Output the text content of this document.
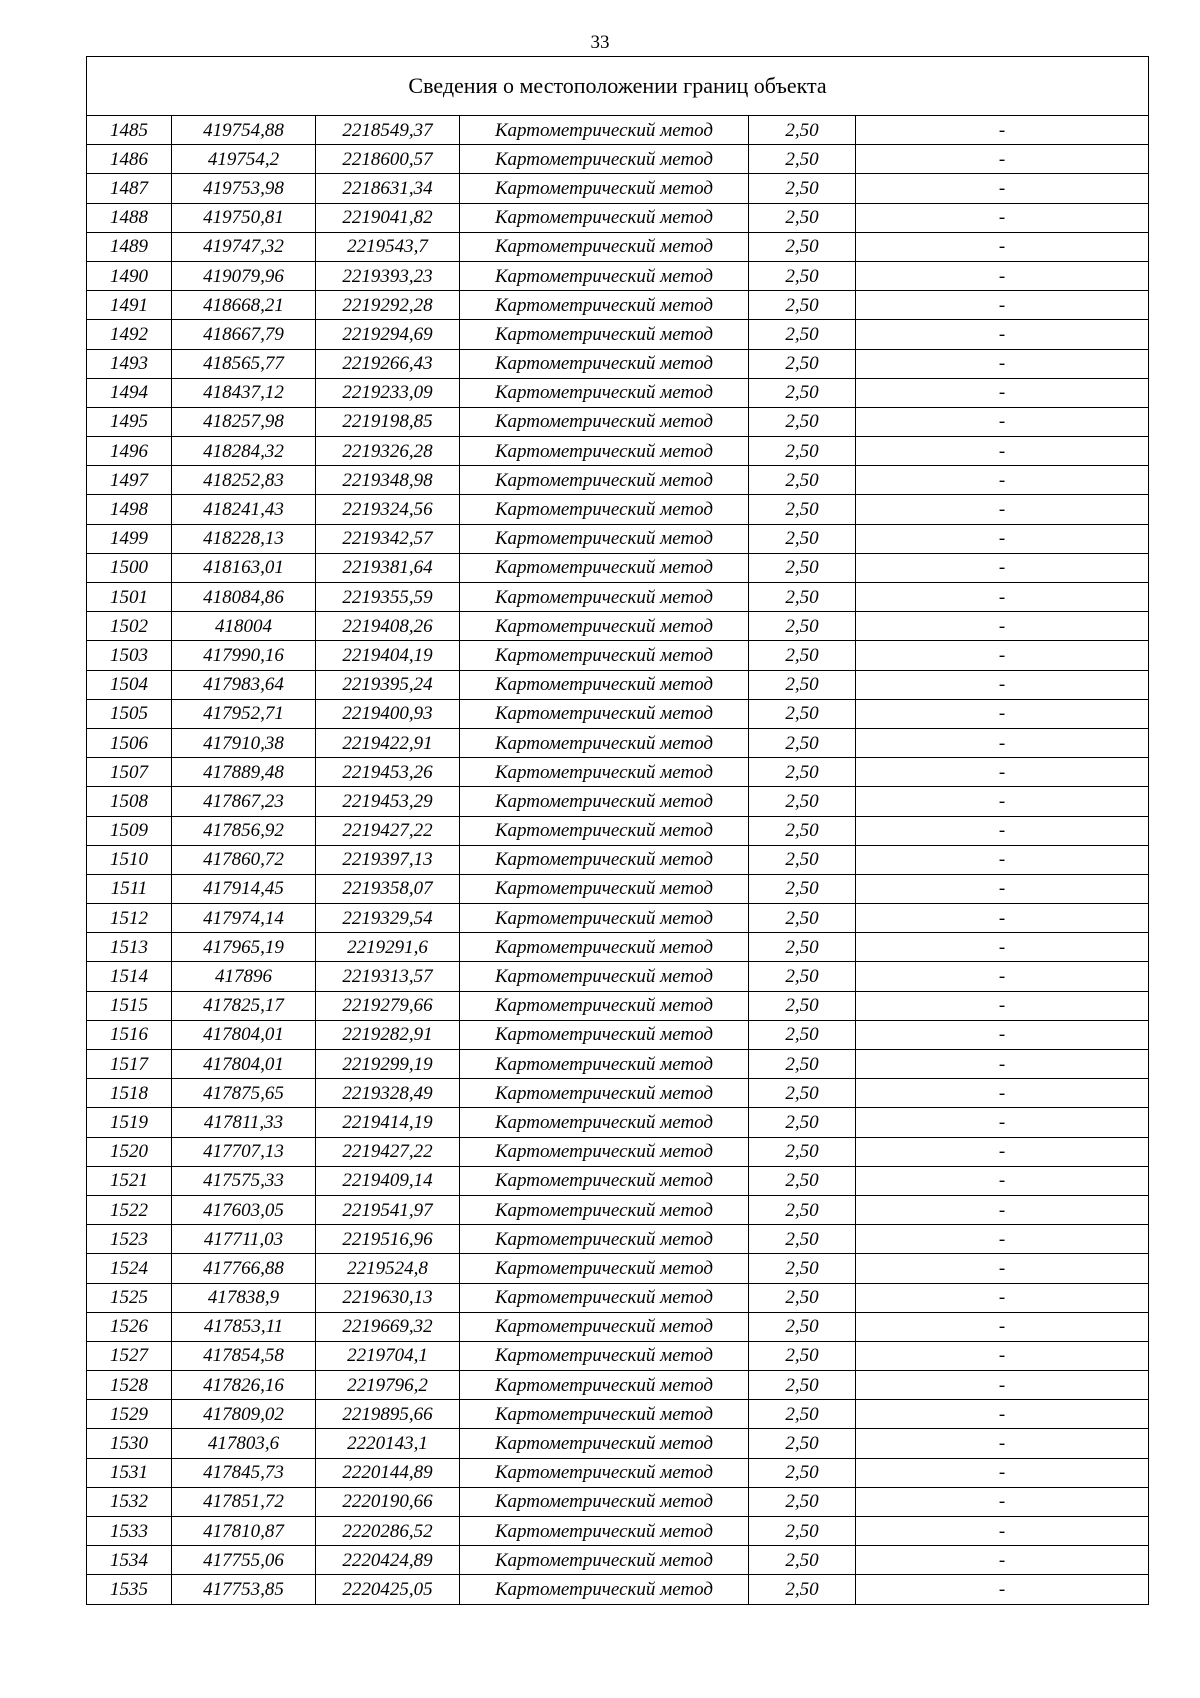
33
Сведения о местоположении границ объекта					
1485	419754,88	2218549,37	Картометрический метод	2,50	-
1486	419754,2	2218600,57	Картометрический метод	2,50	-
1487	419753,98	2218631,34	Картометрический метод	2,50	-
1488	419750,81	2219041,82	Картометрический метод	2,50	-
1489	419747,32	2219543,7	Картометрический метод	2,50	-
1490	419079,96	2219393,23	Картометрический метод	2,50	-
1491	418668,21	2219292,28	Картометрический метод	2,50	-
1492	418667,79	2219294,69	Картометрический метод	2,50	-
1493	418565,77	2219266,43	Картометрический метод	2,50	-
1494	418437,12	2219233,09	Картометрический метод	2,50	-
1495	418257,98	2219198,85	Картометрический метод	2,50	-
1496	418284,32	2219326,28	Картометрический метод	2,50	-
1497	418252,83	2219348,98	Картометрический метод	2,50	-
1498	418241,43	2219324,56	Картометрический метод	2,50	-
1499	418228,13	2219342,57	Картометрический метод	2,50	-
1500	418163,01	2219381,64	Картометрический метод	2,50	-
1501	418084,86	2219355,59	Картометрический метод	2,50	-
1502	418004	2219408,26	Картометрический метод	2,50	-
1503	417990,16	2219404,19	Картометрический метод	2,50	-
1504	417983,64	2219395,24	Картометрический метод	2,50	-
1505	417952,71	2219400,93	Картометрический метод	2,50	-
1506	417910,38	2219422,91	Картометрический метод	2,50	-
1507	417889,48	2219453,26	Картометрический метод	2,50	-
1508	417867,23	2219453,29	Картометрический метод	2,50	-
1509	417856,92	2219427,22	Картометрический метод	2,50	-
1510	417860,72	2219397,13	Картометрический метод	2,50	-
1511	417914,45	2219358,07	Картометрический метод	2,50	-
1512	417974,14	2219329,54	Картометрический метод	2,50	-
1513	417965,19	2219291,6	Картометрический метод	2,50	-
1514	417896	2219313,57	Картометрический метод	2,50	-
1515	417825,17	2219279,66	Картометрический метод	2,50	-
1516	417804,01	2219282,91	Картометрический метод	2,50	-
1517	417804,01	2219299,19	Картометрический метод	2,50	-
1518	417875,65	2219328,49	Картометрический метод	2,50	-
1519	417811,33	2219414,19	Картометрический метод	2,50	-
1520	417707,13	2219427,22	Картометрический метод	2,50	-
1521	417575,33	2219409,14	Картометрический метод	2,50	-
1522	417603,05	2219541,97	Картометрический метод	2,50	-
1523	417711,03	2219516,96	Картометрический метод	2,50	-
1524	417766,88	2219524,8	Картометрический метод	2,50	-
1525	417838,9	2219630,13	Картометрический метод	2,50	-
1526	417853,11	2219669,32	Картометрический метод	2,50	-
1527	417854,58	2219704,1	Картометрический метод	2,50	-
1528	417826,16	2219796,2	Картометрический метод	2,50	-
1529	417809,02	2219895,66	Картометрический метод	2,50	-
1530	417803,6	2220143,1	Картометрический метод	2,50	-
1531	417845,73	2220144,89	Картометрический метод	2,50	-
1532	417851,72	2220190,66	Картометрический метод	2,50	-
1533	417810,87	2220286,52	Картометрический метод	2,50	-
1534	417755,06	2220424,89	Картометрический метод	2,50	-
1535	417753,85	2220425,05	Картометрический метод	2,50	-
